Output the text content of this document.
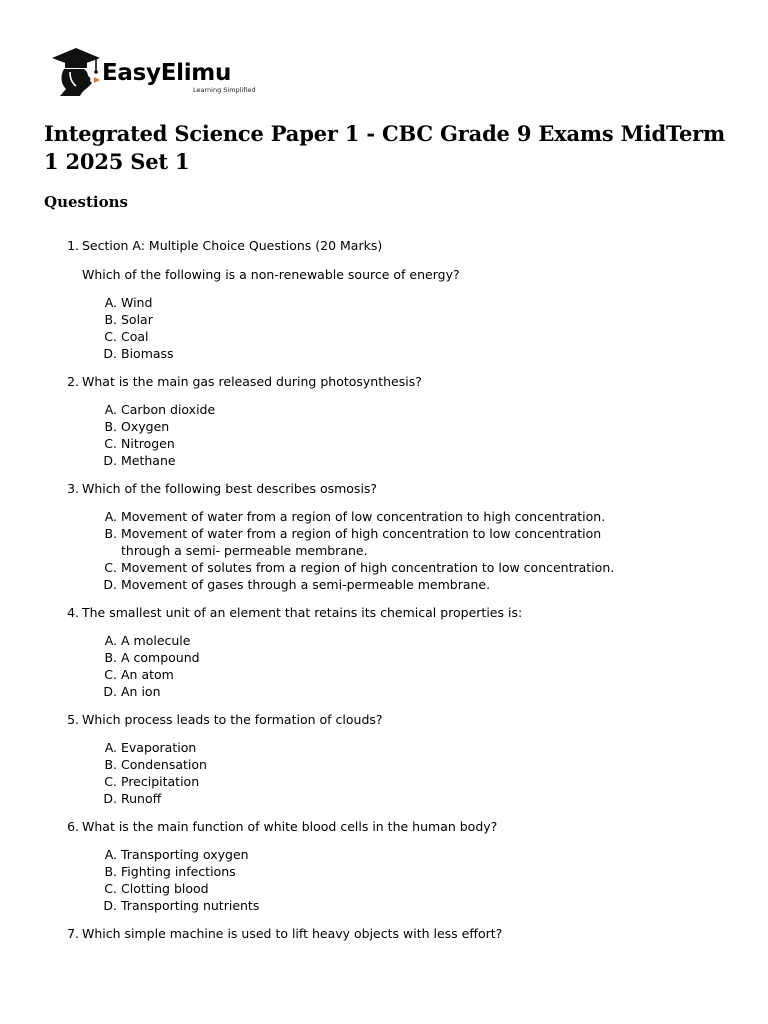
EasyElimu
Learning Simplified
Integrated Science Paper 1 - CBC Grade 9 Exams MidTerm 1 2025 Set 1
Questions
1. Section A: Multiple Choice Questions (20 Marks)
Which of the following is a non-renewable source of energy?
A. Wind
B. Solar
C. Coal
D. Biomass
2. What is the main gas released during photosynthesis?
A. Carbon dioxide
B. Oxygen
C. Nitrogen
D. Methane
3. Which of the following best describes osmosis?
A. Movement of water from a region of low concentration to high concentration.
B. Movement of water from a region of high concentration to low concentration through a semi- permeable membrane.
C. Movement of solutes from a region of high concentration to low concentration.
D. Movement of gases through a semi-permeable membrane.
4. The smallest unit of an element that retains its chemical properties is:
A. A molecule
B. A compound
C. An atom
D. An ion
5. Which process leads to the formation of clouds?
A. Evaporation
B. Condensation
C. Precipitation
D. Runoff
6. What is the main function of white blood cells in the human body?
A. Transporting oxygen
B. Fighting infections
C. Clotting blood
D. Transporting nutrients
7. Which simple machine is used to lift heavy objects with less effort?
